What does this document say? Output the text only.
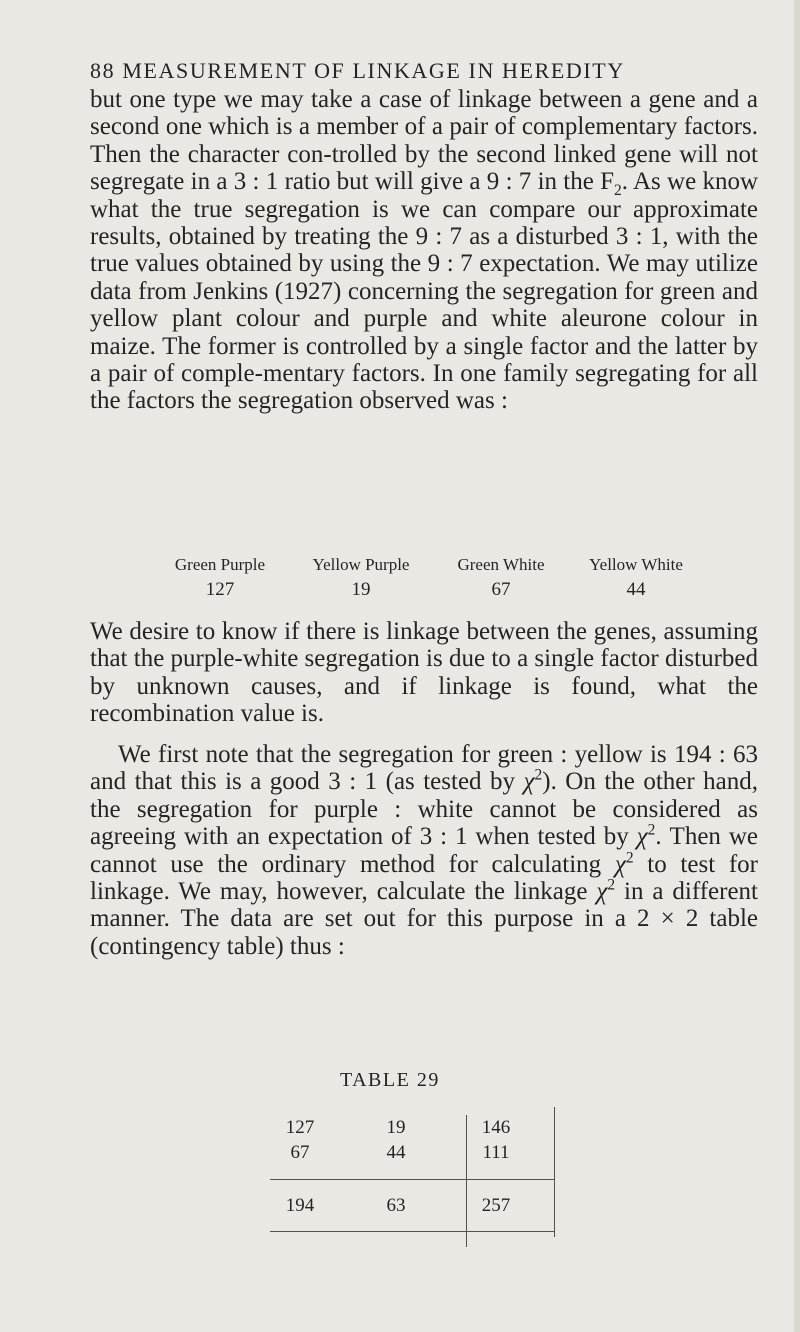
88 MEASUREMENT OF LINKAGE IN HEREDITY

but one type we may take a case of linkage between a gene and a second one which is a member of a pair of complementary factors. Then the character con-trolled by the second linked gene will not segregate in a 3 : 1 ratio but will give a 9 : 7 in the $F_2$. As we know what the true segregation is we can compare our approximate results, obtained by treating the 9 : 7 as a disturbed 3 : 1, with the true values obtained by using the 9 : 7 expectation. We may utilize data from Jenkins (1927) concerning the segregation for green and yellow plant colour and purple and white aleurone colour in maize. The former is controlled by a single factor and the latter by a pair of comple-mentary factors. In one family segregating for all the factors the segregation observed was :

Green Purple	Yellow Purple	Green White	Yellow White
127	19	67	44

We desire to know if there is linkage between the genes, assuming that the purple-white segregation is due to a single factor disturbed by unknown causes, and if linkage is found, what the recombination value is.

We first note that the segregation for green : yellow is 194 : 63 and that this is a good 3 : 1 (as tested by $\chi^2$). On the other hand, the segregation for purple : white cannot be considered as agreeing with an expectation of 3 : 1 when tested by $\chi^2$. Then we cannot use the ordinary method for calculating $\chi^2$ to test for linkage. We may, however, calculate the linkage $\chi^2$ in a different manner. The data are set out for this purpose in a 2 × 2 table (contingency table) thus :

TABLE 29
127	19	146
67	44	111
194	63	257
